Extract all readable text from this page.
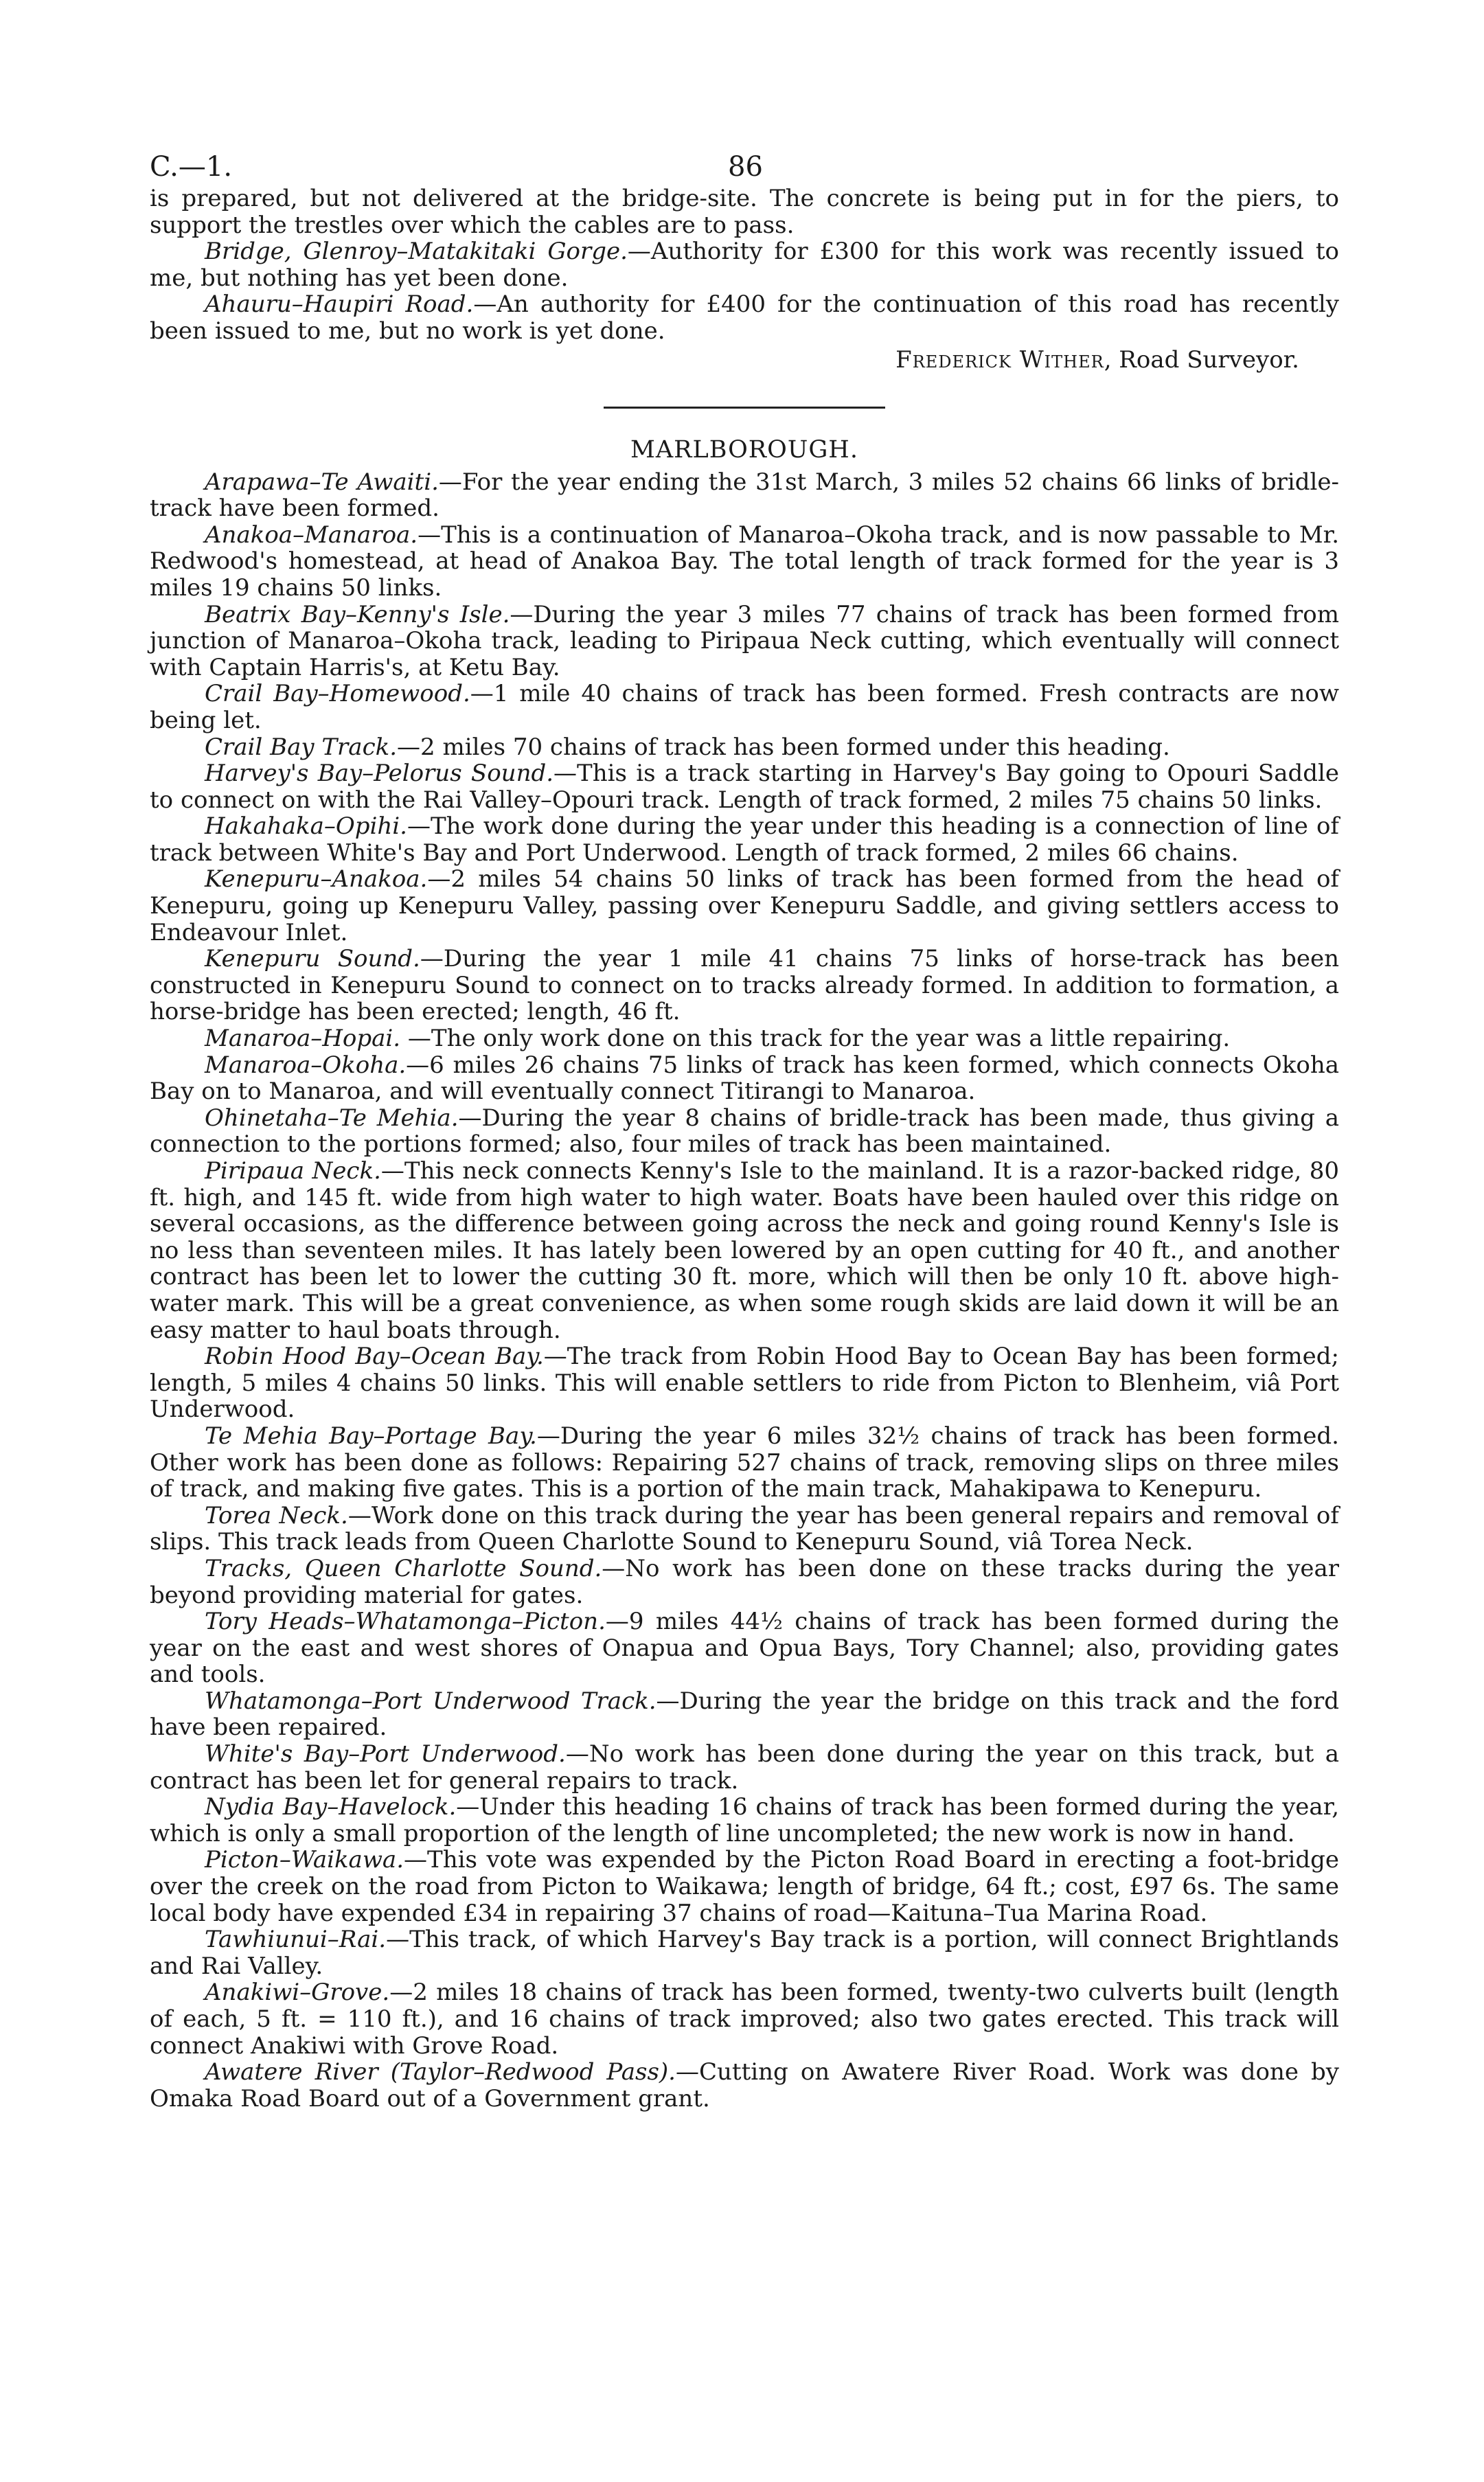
C.—1.	86

is prepared, but not delivered at the bridge-site. The concrete is being put in for the piers, to support the trestles over which the cables are to pass.

Bridge, Glenroy–Matakitaki Gorge.—Authority for £300 for this work was recently issued to me, but nothing has yet been done.

Ahauru–Haupiri Road.—An authority for £400 for the continuation of this road has recently been issued to me, but no work is yet done.

Frederick Wither, Road Surveyor.
MARLBOROUGH.

Arapawa–Te Awaiti.—For the year ending the 31st March, 3 miles 52 chains 66 links of bridle-track have been formed.

Anakoa–Manaroa.—This is a continuation of Manaroa–Okoha track, and is now passable to Mr. Redwood's homestead, at head of Anakoa Bay. The total length of track formed for the year is 3 miles 19 chains 50 links.

Beatrix Bay–Kenny's Isle.—During the year 3 miles 77 chains of track has been formed from junction of Manaroa–Okoha track, leading to Piripaua Neck cutting, which eventually will connect with Captain Harris's, at Ketu Bay.

Crail Bay–Homewood.—1 mile 40 chains of track has been formed. Fresh contracts are now being let.

Crail Bay Track.—2 miles 70 chains of track has been formed under this heading.

Harvey's Bay–Pelorus Sound.—This is a track starting in Harvey's Bay going to Opouri Saddle to connect on with the Rai Valley–Opouri track. Length of track formed, 2 miles 75 chains 50 links.

Hakahaka–Opihi.—The work done during the year under this heading is a connection of line of track between White's Bay and Port Underwood. Length of track formed, 2 miles 66 chains.

Kenepuru–Anakoa.—2 miles 54 chains 50 links of track has been formed from the head of Kenepuru, going up Kenepuru Valley, passing over Kenepuru Saddle, and giving settlers access to Endeavour Inlet.

Kenepuru Sound.—During the year 1 mile 41 chains 75 links of horse-track has been constructed in Kenepuru Sound to connect on to tracks already formed. In addition to formation, a horse-bridge has been erected; length, 46 ft.

Manaroa–Hopai. —The only work done on this track for the year was a little repairing.

Manaroa–Okoha.—6 miles 26 chains 75 links of track has keen formed, which connects Okoha Bay on to Manaroa, and will eventually connect Titirangi to Manaroa.

Ohinetaha–Te Mehia.—During the year 8 chains of bridle-track has been made, thus giving a connection to the portions formed; also, four miles of track has been maintained.

Piripaua Neck.—This neck connects Kenny's Isle to the mainland. It is a razor-backed ridge, 80 ft. high, and 145 ft. wide from high water to high water. Boats have been hauled over this ridge on several occasions, as the difference between going across the neck and going round Kenny's Isle is no less than seventeen miles. It has lately been lowered by an open cutting for 40 ft., and another contract has been let to lower the cutting 30 ft. more, which will then be only 10 ft. above high-water mark. This will be a great convenience, as when some rough skids are laid down it will be an easy matter to haul boats through.

Robin Hood Bay–Ocean Bay.—The track from Robin Hood Bay to Ocean Bay has been formed; length, 5 miles 4 chains 50 links. This will enable settlers to ride from Picton to Blenheim, viâ Port Underwood.

Te Mehia Bay–Portage Bay.—During the year 6 miles 32½ chains of track has been formed. Other work has been done as follows: Repairing 527 chains of track, removing slips on three miles of track, and making five gates. This is a portion of the main track, Mahakipawa to Kenepuru.

Torea Neck.—Work done on this track during the year has been general repairs and removal of slips. This track leads from Queen Charlotte Sound to Kenepuru Sound, viâ Torea Neck.

Tracks, Queen Charlotte Sound.—No work has been done on these tracks during the year beyond providing material for gates.

Tory Heads–Whatamonga–Picton.—9 miles 44½ chains of track has been formed during the year on the east and west shores of Onapua and Opua Bays, Tory Channel; also, providing gates and tools.

Whatamonga–Port Underwood Track.—During the year the bridge on this track and the ford have been repaired.

White's Bay–Port Underwood.—No work has been done during the year on this track, but a contract has been let for general repairs to track.

Nydia Bay–Havelock.—Under this heading 16 chains of track has been formed during the year, which is only a small proportion of the length of line uncompleted; the new work is now in hand.

Picton–Waikawa.—This vote was expended by the Picton Road Board in erecting a foot-bridge over the creek on the road from Picton to Waikawa; length of bridge, 64 ft.; cost, £97 6s. The same local body have expended £34 in repairing 37 chains of road—Kaituna–Tua Marina Road.

Tawhiunui–Rai.—This track, of which Harvey's Bay track is a portion, will connect Brightlands and Rai Valley.

Anakiwi–Grove.—2 miles 18 chains of track has been formed, twenty-two culverts built (length of each, 5 ft. = 110 ft.), and 16 chains of track improved; also two gates erected. This track will connect Anakiwi with Grove Road.

Awatere River (Taylor–Redwood Pass).—Cutting on Awatere River Road. Work was done by Omaka Road Board out of a Government grant.
